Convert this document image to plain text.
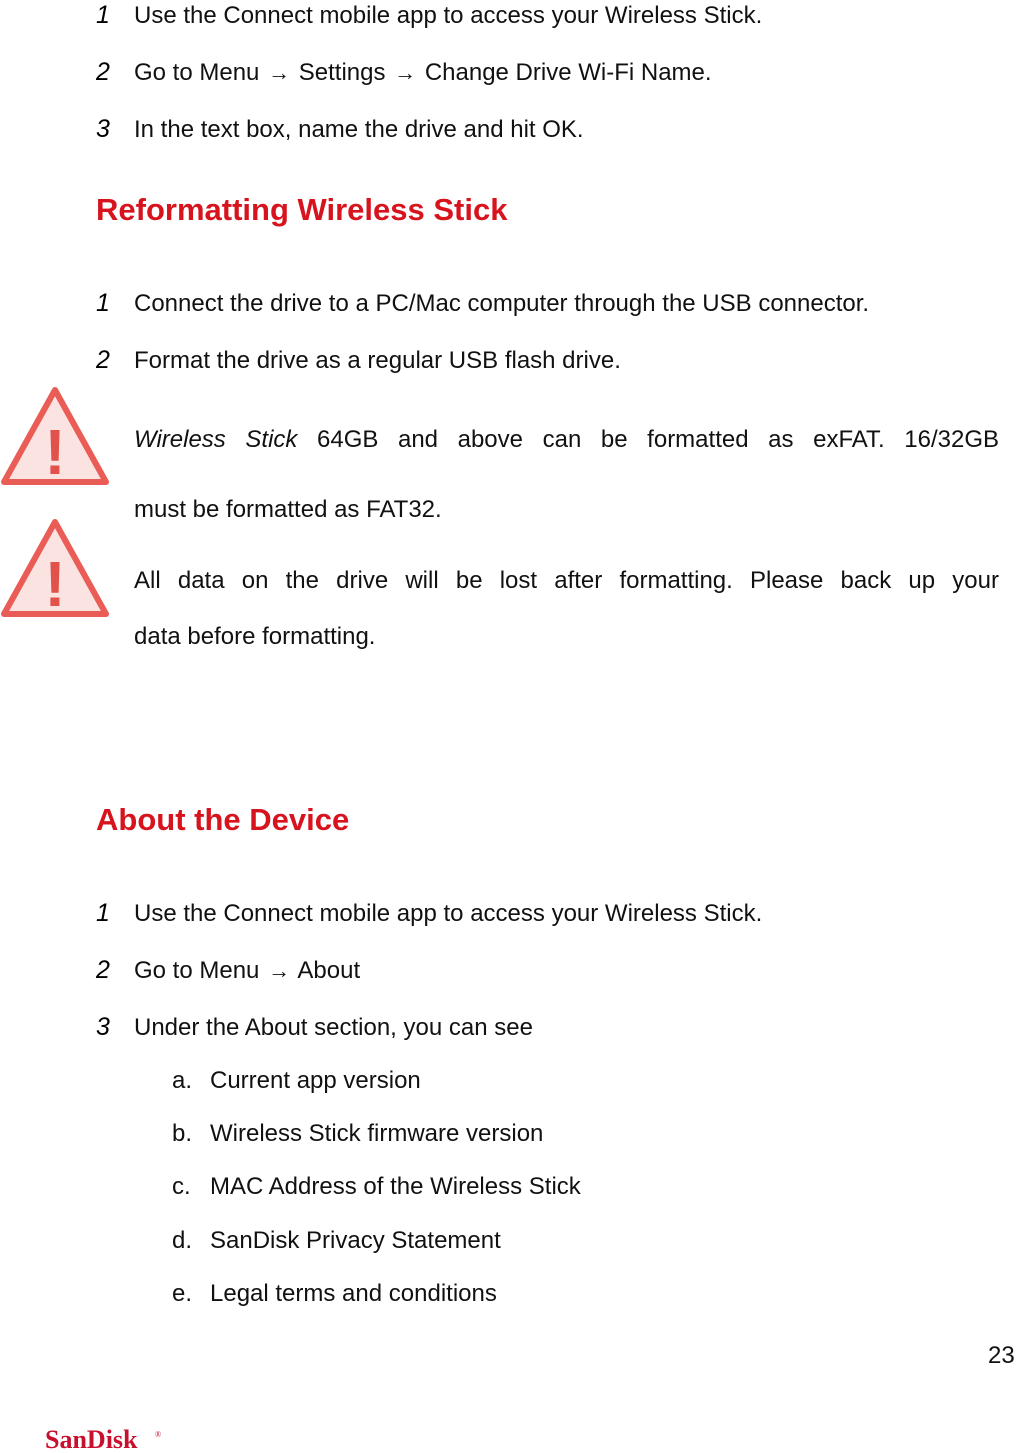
1	Use the Connect mobile app to access your Wireless Stick.
2	Go to Menu → Settings → Change Drive Wi-Fi Name.
3	In the text box, name the drive and hit OK.
Reformatting Wireless Stick
1	Connect the drive to a PC/Mac computer through the USB connector.
2	Format the drive as a regular USB flash drive.
!	Wireless Stick 64GB and above can be formatted as exFAT. 16/32GB
must be formatted as FAT32.

!	All data on the drive will be lost after formatting. Please back up your
data before formatting.

About the Device
1	Use the Connect mobile app to access your Wireless Stick.
2	Go to Menu → About
3	Under the About section, you can see
a. Current app version
b. Wireless Stick firmware version
c. MAC Address of the Wireless Stick
d. SanDisk Privacy Statement
e. Legal terms and conditions
23
SanDisk ®
